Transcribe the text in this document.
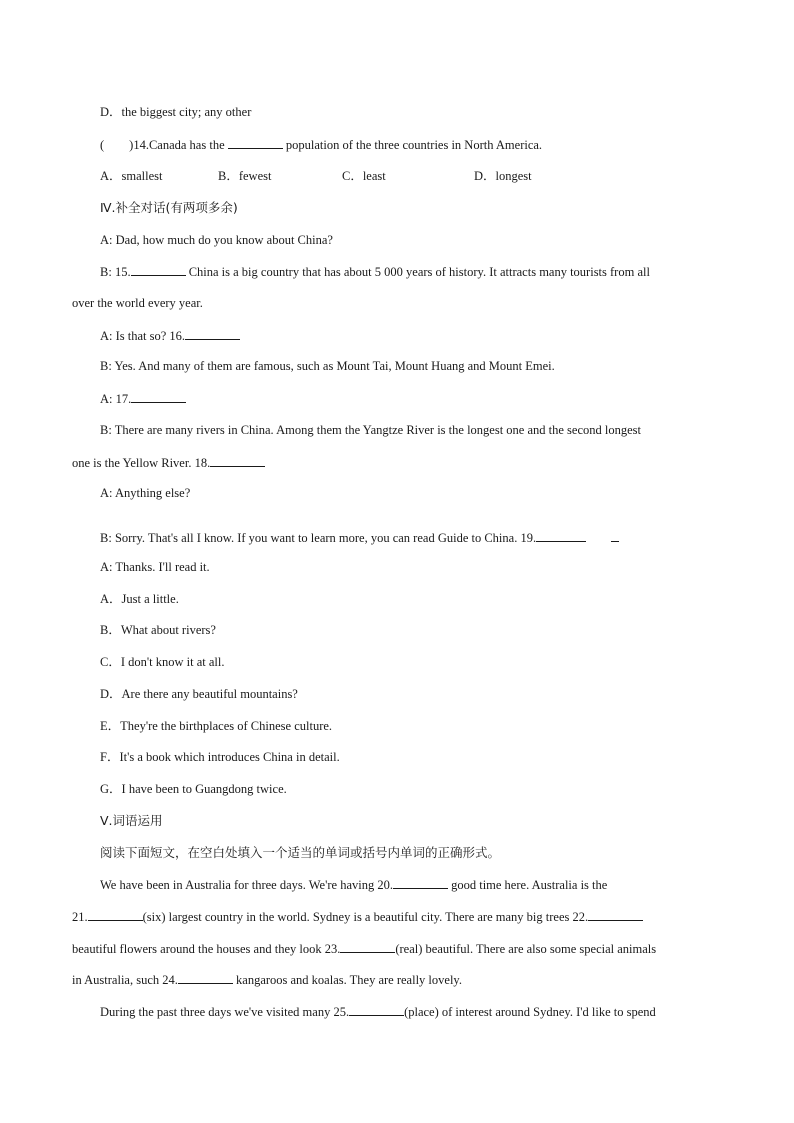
D．the biggest city; any other
(　　)14.Canada has the	population of the three countries in North America.
A．smallest	B．fewest	C．least	D．longest
Ⅳ.补全对话(有两项多余)
A: Dad, how much do you know about China?
B: 15.	China is a big country that has about 5 000 years of history. It attracts many tourists from all
over the world every year.
A: Is that so? 16.
B: Yes. And many of them are famous, such as Mount Tai, Mount Huang and Mount Emei.
A: 17.
B: There are many rivers in China. Among them the Yangtze River is the longest one and the second longest
one is the Yellow River. 18.
A: Anything else?
B: Sorry. That's all I know. If you want to learn more, you can read Guide to China. 19.
A: Thanks. I'll read it.
A．Just a little.
B．What about rivers?
C．I don't know it at all.
D．Are there any beautiful mountains?
E．They're the birthplaces of Chinese culture.
F．It's a book which introduces China in detail.
G．I have been to Guangdong twice.
Ⅴ.词语运用
阅读下面短文，在空白处填入一个适当的单词或括号内单词的正确形式。
We have been in Australia for three days. We're having 20.	good time here. Australia is the
21.	(six) largest country in the world. Sydney is a beautiful city. There are many big trees 22.
beautiful flowers around the houses and they look 23.	(real) beautiful. There are also some special animals
in Australia, such 24.	kangaroos and koalas. They are really lovely.
During the past three days we've visited many 25.	(place) of interest around Sydney. I'd like to spend
